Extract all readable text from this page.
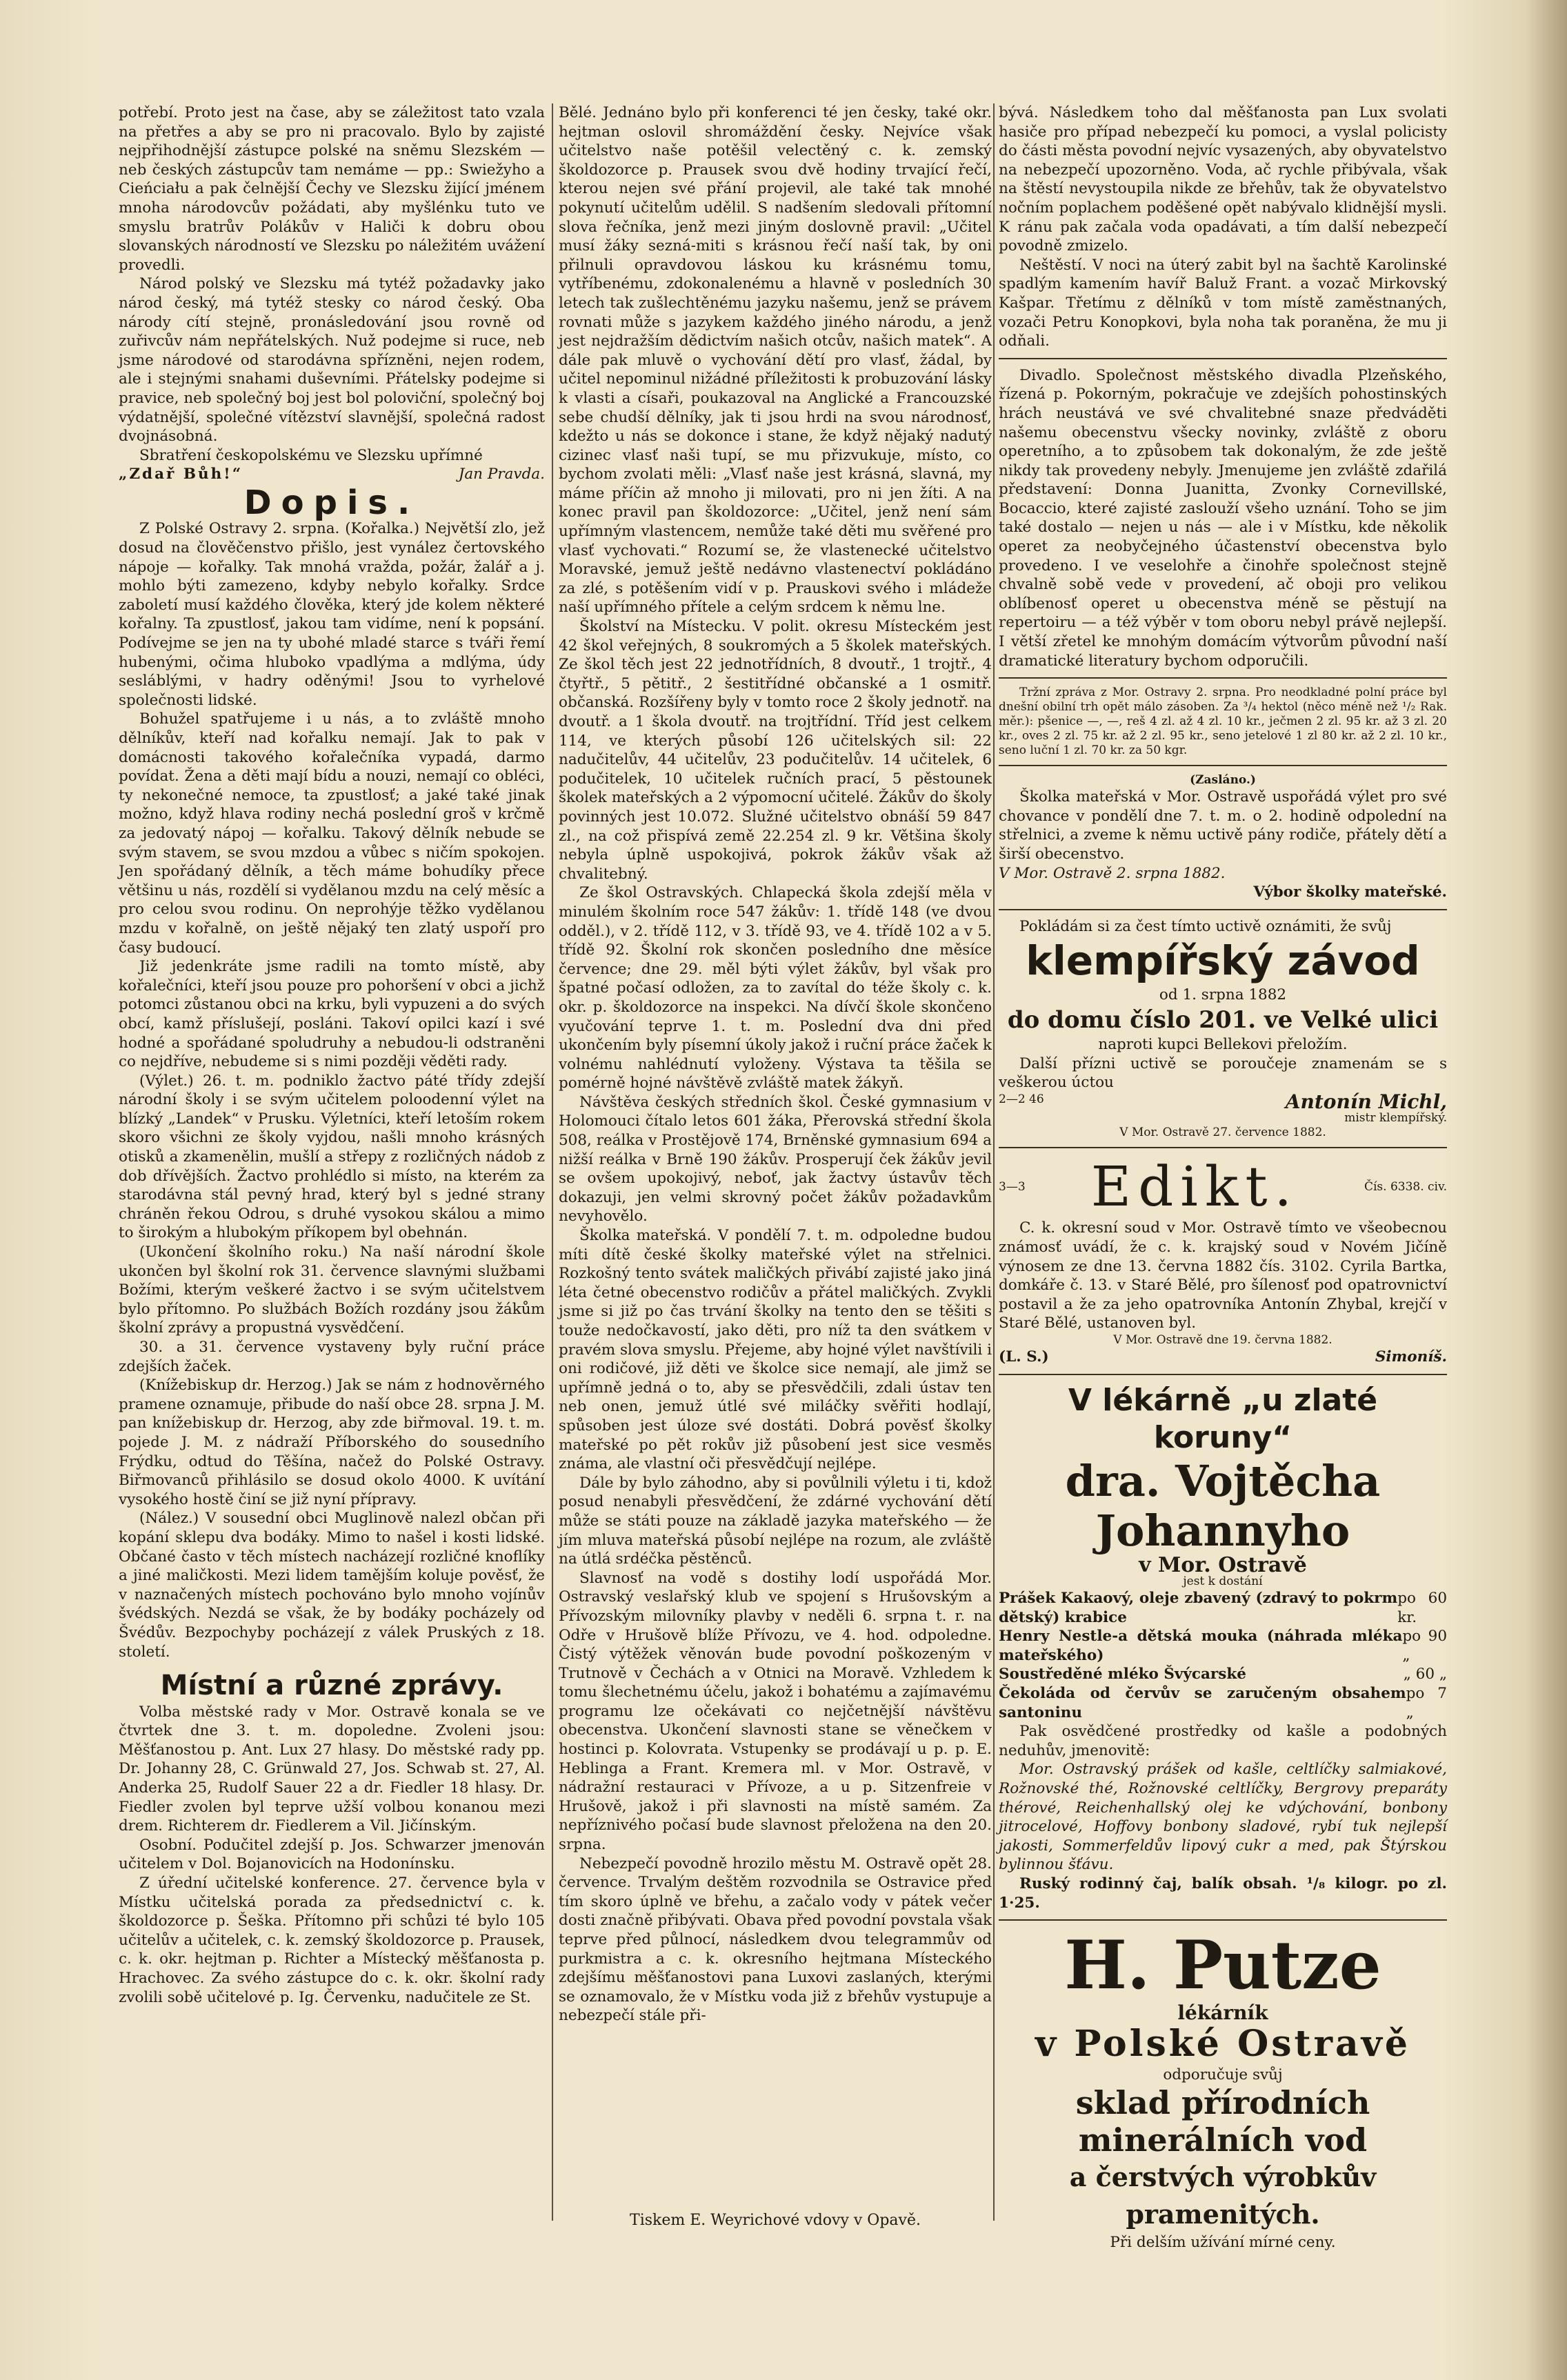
potřebí. Proto jest na čase, aby se záležitost tato vzala na přetřes a aby se pro ni pracovalo. Bylo by zajisté nejpřihodnější zástupce polské na sněmu Slezském — neb českých zástupcův tam nemáme — pp.: Swiežyho a Cieńciału a pak čelnější Čechy ve Slezsku žijící jménem mnoha národovcův požádati, aby myšlénku tuto ve smyslu bratrův Polákův v Haliči k dobru obou slovanských národností ve Slezsku po náležitém uvážení provedli.

Národ polský ve Slezsku má tytéž požadavky jako národ český, má tytéž stesky co národ český. Oba národy cítí stejně, pronásledování jsou rovně od zuřivcův nám nepřátelských. Nuž podejme si ruce, neb jsme národové od starodávna spřízněni, nejen rodem, ale i stejnými snahami duševními. Přátelsky podejme si pravice, neb společný boj jest bol poloviční, společný boj výdatnější, společné vítězství slavnější, společná radost dvojnásobná.

Sbratření českopolskému ve Slezsku upřímné

„Zdař Bůh!“	Jan Pravda.
Dopis.

Z Polské Ostravy 2. srpna. (Kořalka.) Největší zlo, jež dosud na člověčenstvo přišlo, jest vynález čertovského nápoje — kořalky. Tak mnohá vražda, požár, žalář a j. mohlo býti zamezeno, kdyby nebylo kořalky. Srdce zaboletí musí každého člověka, který jde kolem některé kořalny. Ta zpustlosť, jakou tam vidíme, není k popsání. Podívejme se jen na ty ubohé mladé starce s tváři řemí hubenými, očima hluboko vpadlýma a mdlýma, údy sesláblými, v hadry oděnými! Jsou to vyrhelové společnosti lidské.

Bohužel spatřujeme i u nás, a to zvláště mnoho dělníkův, kteří nad kořalku nemají. Jak to pak v domácnosti takového kořalečníka vypadá, darmo povídat. Žena a děti mají bídu a nouzi, nemají co obléci, ty nekonečné nemoce, ta zpustlosť; a jaké také jinak možno, když hlava rodiny nechá poslední groš v krčmě za jedovatý nápoj — kořalku. Takový dělník nebude se svým stavem, se svou mzdou a vůbec s ničím spokojen. Jen spořádaný dělník, a těch máme bohudíky přece většinu u nás, rozdělí si vydělanou mzdu na celý měsíc a pro celou svou rodinu. On neprohýje těžko vydělanou mzdu v kořalně, on ještě nějaký ten zlatý uspoří pro časy budoucí.

Již jedenkráte jsme radili na tomto místě, aby kořalečníci, kteří jsou pouze pro pohoršení v obci a jichž potomci zůstanou obci na krku, byli vypuzeni a do svých obcí, kamž příslušejí, posláni. Takoví opilci kazí i své hodné a spořádané spoludruhy a nebudou-li odstraněni co nejdříve, nebudeme si s nimi později věděti rady.

(Výlet.) 26. t. m. podniklo žactvo páté třídy zdejší národní školy i se svým učitelem poloodenní výlet na blízký „Landek“ v Prusku. Výletníci, kteří letoším rokem skoro všichni ze školy vyjdou, našli mnoho krásných otisků a zkamenělin, mušlí a střepy z rozličných nádob z dob dřívějších. Žactvo prohlédlo si místo, na kterém za starodávna stál pevný hrad, který byl s jedné strany chráněn řekou Odrou, s druhé vysokou skálou a mimo to širokým a hlubokým příkopem byl obehnán.

(Ukončení školního roku.) Na naší národní škole ukončen byl školní rok 31. července slavnými službami Božími, kterým veškeré žactvo i se svým učitelstvem bylo přítomno. Po službách Božích rozdány jsou žákům školní zprávy a propustná vysvědčení.

30. a 31. července vystaveny byly ruční práce zdejších žaček.

(Knížebiskup dr. Herzog.) Jak se nám z hodnověrného pramene oznamuje, přibude do naší obce 28. srpna J. M. pan knížebiskup dr. Herzog, aby zde biřmoval. 19. t. m. pojede J. M. z nádraží Příborského do sousedního Frýdku, odtud do Těšína, načež do Polské Ostravy. Biřmovanců přihlásilo se dosud okolo 4000. K uvítání vysokého hostě činí se již nyní přípravy.

(Nález.) V sousední obci Muglinově nalezl občan při kopání sklepu dva bodáky. Mimo to našel i kosti lidské. Občané často v těch místech nacházejí rozličné knoflíky a jiné maličkosti. Mezi lidem tamějším koluje pověsť, že v naznačených místech pochováno bylo mnoho vojínův švédských. Nezdá se však, že by bodáky pocházely od Švédův. Bezpochyby pocházejí z válek Pruských z 18. století.

Místní a různé zprávy.

Volba městské rady v Mor. Ostravě konala se ve čtvrtek dne 3. t. m. dopoledne. Zvoleni jsou: Měšťanostou p. Ant. Lux 27 hlasy. Do městské rady pp. Dr. Johanny 28, C. Grünwald 27, Jos. Schwab st. 27, Al. Anderka 25, Rudolf Sauer 22 a dr. Fiedler 18 hlasy. Dr. Fiedler zvolen byl teprve užší volbou konanou mezi drem. Richterem dr. Fiedlerem a Vil. Jičínským.

Osobní. Podučitel zdejší p. Jos. Schwarzer jmenován učitelem v Dol. Bojanovicích na Hodonínsku.

Z úřední učitelské konference. 27. července byla v Místku učitelská porada za předsednictví c. k. školdozorce p. Šeška. Přítomno při schůzi té bylo 105 učitelův a učitelek, c. k. zemský školdozorce p. Prausek, c. k. okr. hejtman p. Richter a Místecký měšťanosta p. Hrachovec. Za svého zástupce do c. k. okr. školní rady zvolili sobě učitelové p. Ig. Červenku, nadučitele ze St.

Bělé. Jednáno bylo při konferenci té jen česky, také okr. hejtman oslovil shromáždění česky. Nejvíce však učitelstvo naše potěšil velectěný c. k. zemský školdozorce p. Prausek svou dvě hodiny trvající řečí, kterou nejen své přání projevil, ale také tak mnohé pokynutí učitelům udělil. S nadšením sledovali přítomní slova řečníka, jenž mezi jiným doslovně pravil: „Učitel musí žáky sezná-miti s krásnou řečí naší tak, by oni přilnuli opravdovou láskou ku krásnému tomu, vytříbenému, zdokonalenému a hlavně v posledních 30 letech tak zušlechtěnému jazyku našemu, jenž se právem rovnati může s jazykem každého jiného národu, a jenž jest nejdražším dědictvím našich otcův, našich matek“. A dále pak mluvě o vychování dětí pro vlasť, žádal, by učitel nepominul nižádné příležitosti k probuzování lásky k vlasti a císaři, poukazoval na Anglické a Francouzské sebe chudší dělníky, jak ti jsou hrdi na svou národnosť, kdežto u nás se dokonce i stane, že když nějaký nadutý cizinec vlasť naši tupí, se mu přizvukuje, místo, co bychom zvolati měli: „Vlasť naše jest krásná, slavná, my máme příčin až mnoho ji milovati, pro ni jen žíti. A na konec pravil pan školdozorce: „Učitel, jenž není sám upřímným vlastencem, nemůže také děti mu svěřené pro vlasť vychovati.“ Rozumí se, že vlastenecké učitelstvo Moravské, jemuž ještě nedávno vlastenectví pokládáno za zlé, s potěšením vidí v p. Prauskovi svého i mládeže naší upřímného přítele a celým srdcem k němu lne.

Školství na Místecku. V polit. okresu Místeckém jest 42 škol veřejných, 8 soukromých a 5 školek mateřských. Ze škol těch jest 22 jednotřídních, 8 dvoutř., 1 trojtř., 4 čtyřtř., 5 pětitř., 2 šestitřídné občanské a 1 osmitř. občanská. Rozšířeny byly v tomto roce 2 školy jednotř. na dvoutř. a 1 škola dvoutř. na trojtřídní. Tříd jest celkem 114, ve kterých působí 126 učitelských sil: 22 nadučitelův, 44 učitelův, 23 podučitelův. 14 učitelek, 6 podučitelek, 10 učitelek ručních prací, 5 pěstounek školek mateřských a 2 výpomocní učitelé. Žákův do školy povinných jest 10.072. Služné učitelstvo obnáší 59 847 zl., na což přispívá země 22.254 zl. 9 kr. Většina školy nebyla úplně uspokojivá, pokrok žákův však až chvalitebný.

Ze škol Ostravských. Chlapecká škola zdejší měla v minulém školním roce 547 žákův: 1. třídě 148 (ve dvou odděl.), v 2. třídě 112, v 3. třídě 93, ve 4. třídě 102 a v 5. třídě 92. Školní rok skončen posledního dne měsíce července; dne 29. měl býti výlet žákův, byl však pro špatné počasí odložen, za to zavítal do téže školy c. k. okr. p. školdozorce na inspekci. Na dívčí škole skončeno vyučování teprve 1. t. m. Poslední dva dni před ukončením byly písemní úkoly jakož i ruční práce žaček k volnému nahlédnutí vyloženy. Výstava ta těšila se pomérně hojné návštěvě zvláště matek žákyň.

Návštěva českých středních škol. České gymnasium v Holomouci čítalo letos 601 žáka, Přerovská střední škola 508, reálka v Prostějově 174, Brněnské gymnasium 694 a nižší reálka v Brně 190 žákův. Prosperují ček žákův jevil se ovšem upokojivý, neboť, jak žactvy ústavův těch dokazuji, jen velmi skrovný počet žákův požadavkům nevyhovělo.

Školka mateřská. V pondělí 7. t. m. odpoledne budou míti dítě české školky mateřské výlet na střelnici. Rozkošný tento svátek maličkých přivábí zajisté jako jiná léta četné obecenstvo rodičův a přátel maličkých. Zvykli jsme si již po čas trvání školky na tento den se těšiti s touže nedočkavostí, jako děti, pro níž ta den svátkem v pravém slova smyslu. Přejeme, aby hojné výlet navštívili i oni rodičové, již děti ve školce sice nemají, ale jimž se upřímně jedná o to, aby se přesvědčili, zdali ústav ten neb onen, jemuž útlé své miláčky svěřiti hodlají, spůsoben jest úloze své dostáti. Dobrá pověsť školky mateřské po pět rokův již působení jest sice vesměs známa, ale vlastní oči přesvědčují nejlépe.

Dále by bylo záhodno, aby si povůlnili výletu i ti, kdož posud nenabyli přesvědčení, že zdárné vychování dětí může se státi pouze na základě jazyka mateřského — že jím mluva mateřská působí nejlépe na rozum, ale zvláště na útlá srdéčka pěstěnců.

Slavnosť na vodě s dostihy lodí uspořádá Mor. Ostravský veslařský klub ve spojení s Hrušovským a Přívozským milovníky plavby v neděli 6. srpna t. r. na Odře v Hrušově blíže Přívozu, ve 4. hod. odpoledne. Čistý výtěžek věnován bude povodní poškozeným v Trutnově v Čechách a v Otnici na Moravě. Vzhledem k tomu šlechetnému účelu, jakož i bohatému a zajímavému programu lze očekávati co nejčetnější návštěvu obecenstva. Ukončení slavnosti stane se věnečkem v hostinci p. Kolovrata. Vstupenky se prodávají u p. p. E. Heblinga a Frant. Kremera ml. v Mor. Ostravě, v nádražní restauraci v Přívoze, a u p. Sitzenfreie v Hrušově, jakož i při slavnosti na místě samém. Za nepříznivého počasí bude slavnost přeložena na den 20. srpna.

Nebezpečí povodně hrozilo městu M. Ostravě opět 28. července. Trvalým deštěm rozvodnila se Ostravice před tím skoro úplně ve břehu, a začalo vody v pátek večer dosti značně přibývati. Obava před povodní povstala však teprve před půlnocí, následkem dvou telegrammův od purkmistra a c. k. okresního hejtmana Místeckého zdejšímu měšťanostovi pana Luxovi zaslaných, kterými se oznamovalo, že v Místku voda již z břehův vystupuje a nebezpečí stále při-

bývá. Následkem toho dal měšťanosta pan Lux svolati hasiče pro případ nebezpečí ku pomoci, a vyslal policisty do části města povodní nejvíc vysazených, aby obyvatelstvo na nebezpečí upozorněno. Voda, ač rychle přibývala, však na štěstí nevystoupila nikde ze břehův, tak že obyvatelstvo nočním poplachem poděšené opět nabývalo klidnější mysli. K ránu pak začala voda opadávati, a tím další nebezpečí povodně zmizelo.

Neštěstí. V noci na úterý zabit byl na šachtě Karolinské spadlým kamením havíř Baluž Frant. a vozač Mirkovský Kašpar. Třetímu z dělníků v tom místě zaměstnaných, vozači Petru Konopkovi, byla noha tak poraněna, že mu ji odňali.

Divadlo. Společnost městského divadla Plzeňského, řízená p. Pokorným, pokračuje ve zdejších pohostinských hrách neustává ve své chvalitebné snaze předváděti našemu obecenstvu všecky novinky, zvláště z oboru operetního, a to způsobem tak dokonalým, že zde ještě nikdy tak provedeny nebyly. Jmenujeme jen zvláště zdařilá představení: Donna Juanitta, Zvonky Cornevillské, Bocaccio, které zajisté zaslouží všeho uznání. Toho se jim také dostalo — nejen u nás — ale i v Místku, kde několik operet za neobyčejného účastenství obecenstva bylo provedeno. I ve veselohře a činohře společnost stejně chvalně sobě vede v provedení, ač oboji pro velikou oblíbenosť operet u obecenstva méně se pěstují na repertoiru — a též výběr v tom oboru nebyl právě nejlepší. I větší zřetel ke mnohým domácím výtvorům původní naší dramatické literatury bychom odporučili.

Tržní zpráva z Mor. Ostravy 2. srpna. Pro neodkladné polní práce byl dnešní obilní trh opět málo zásoben. Za ³/₄ hektol (něco méně než ¹/₂ Rak. měr.): pšenice —, —, reš 4 zl. až 4 zl. 10 kr., ječmen 2 zl. 95 kr. až 3 zl. 20 kr., oves 2 zl. 75 kr. až 2 zl. 95 kr., seno jetelové 1 zl 80 kr. až 2 zl. 10 kr., seno luční 1 zl. 70 kr. za 50 kgr.

(Zasláno.)

Školka mateřská v Mor. Ostravě uspořádá výlet pro své chovance v pondělí dne 7. t. m. o 2. hodině odpolední na střelnici, a zveme k němu uctivě pány rodiče, přátely dětí a širší obecenstvo.

V Mor. Ostravě 2. srpna 1882.
Výbor školky mateřské.

Pokládám si za čest tímto uctivě oznámiti, že svůj

klempířský závod
od 1. srpna 1882
do domu číslo 201. ve Velké ulici
naproti kupci Bellekovi přeložím.

Další přízni uctivě se poroučeje znamenám se s veškerou úctou

2—2 46	Antonín Michl,
mistr klempířský.
V Mor. Ostravě 27. července 1882.
3—3 Edikt.	Čís. 6338. civ.

C. k. okresní soud v Mor. Ostravě tímto ve všeobecnou známosť uvádí, že c. k. krajský soud v Novém Jičíně výnosem ze dne 13. června 1882 čís. 3102. Cyrila Bartka, domkáře č. 13. v Staré Bělé, pro šílenosť pod opatrovnictví postavil a že za jeho opatrovníka Antonín Zhybal, krejčí v Staré Bělé, ustanoven byl.

V Mor. Ostravě dne 19. června 1882.
(L. S.)	Simoníš.
V lékárně „u zlaté koruny“
dra. Vojtěcha Johannyho
v Mor. Ostravě
jest k dostání
Prášek Kakaový, oleje zbavený (zdravý to pokrm dětský) krabice
po 60 kr.
Henry Nestle-a dětská mouka (náhrada mléka mateřského)
po 90 „
Soustředěné mléko Švýcarské	„ 60 „
Čekoláda od červův se zaručeným obsahem santoninu
po 7 „

Pak osvědčené prostředky od kašle a podobných neduhův, jmenovitě:

Mor. Ostravský prášek od kašle, celtlíčky salmiakové, Rožnovské thé, Rožnovské celtlíčky, Bergrovy preparáty thérové, Reichenhallský olej ke vdýchování, bonbony jitrocelové, Hoffovy bonbony sladové, rybí tuk nejlepší jakosti, Sommerfeldův lipový cukr a med, pak Štýrskou bylinnou šťávu.

Ruský rodinný čaj, balík obsah. ¹/₈ kilogr. po zl. 1·25.

H. Putze
lékárník
v Polské Ostravě
odporučuje svůj
sklad přírodních minerálních vod
a čerstvých výrobkův pramenitých.
Při delším užívání mírné ceny.
Tiskem E. Weyrichové vdovy v Opavě.
